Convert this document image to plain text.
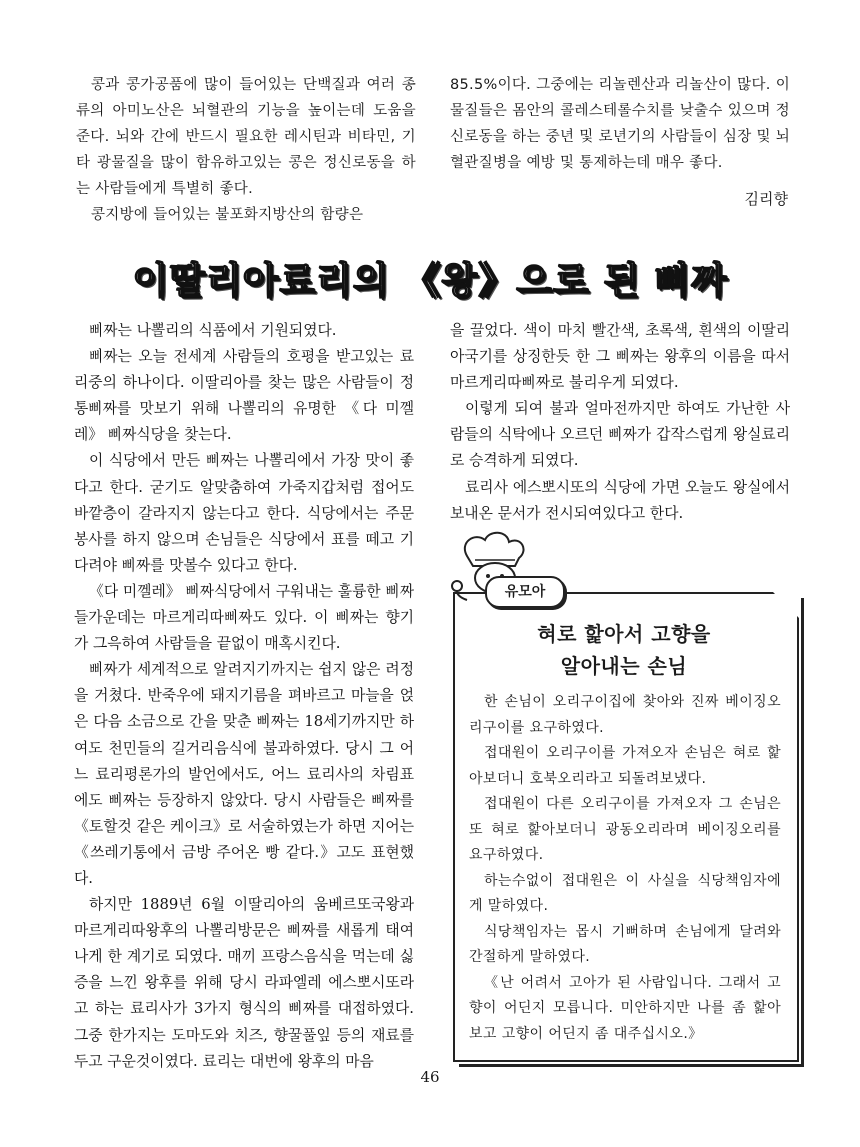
콩과 콩가공품에 많이 들어있는 단백질과 여러 종류의 아미노산은 뇌혈관의 기능을 높이는데 도움을 준다. 뇌와 간에 반드시 필요한 레시틴과 비타민, 기타 광물질을 많이 함유하고있는 콩은 정신로동을 하는 사람들에게 특별히 좋다.

콩지방에 들어있는 불포화지방산의 함량은

85.5%이다. 그중에는 리놀렌산과 리놀산이 많다. 이 물질들은 몸안의 콜레스테롤수치를 낮출수 있으며 정신로동을 하는 중년 및 로년기의 사람들이 심장 및 뇌혈관질병을 예방 및 통제하는데 매우 좋다.

김리향
이딸리아료리의 《왕》으로 된 삐짜

삐짜는 나뽈리의 식품에서 기원되였다.

삐짜는 오늘 전세계 사람들의 호평을 받고있는 료리중의 하나이다. 이딸리아를 찾는 많은 사람들이 정통삐짜를 맛보기 위해 나뽈리의 유명한 《다 미껠레》 삐짜식당을 찾는다.

이 식당에서 만든 삐짜는 나뽈리에서 가장 맛이 좋다고 한다. 굳기도 알맞춤하여 가죽지갑처럼 접어도 바깥층이 갈라지지 않는다고 한다. 식당에서는 주문봉사를 하지 않으며 손님들은 식당에서 표를 떼고 기다려야 삐짜를 맛볼수 있다고 한다.

《다 미껠레》 삐짜식당에서 구워내는 훌륭한 삐짜들가운데는 마르게리따삐짜도 있다. 이 삐짜는 향기가 그윽하여 사람들을 끝없이 매혹시킨다.

삐짜가 세계적으로 알려지기까지는 쉽지 않은 려정을 거쳤다. 반죽우에 돼지기름을 펴바르고 마늘을 얹은 다음 소금으로 간을 맞춘 삐짜는 18세기까지만 하여도 천민들의 길거리음식에 불과하였다. 당시 그 어느 료리평론가의 발언에서도, 어느 료리사의 차림표에도 삐짜는 등장하지 않았다. 당시 사람들은 삐짜를 《토할것 같은 케이크》로 서술하였는가 하면 지어는 《쓰레기통에서 금방 주어온 빵 같다.》고도 표현했다.

하지만 1889년 6월 이딸리아의 움베르또국왕과 마르게리따왕후의 나뽈리방문은 삐짜를 새롭게 태여나게 한 계기로 되였다. 매끼 프랑스음식을 먹는데 싫증을 느낀 왕후를 위해 당시 라파엘레 에스뽀시또라고 하는 료리사가 3가지 형식의 삐짜를 대접하였다. 그중 한가지는 도마도와 치즈, 향꿀풀잎 등의 재료를 두고 구운것이였다. 료리는 대번에 왕후의 마음

을 끌었다. 색이 마치 빨간색, 초록색, 흰색의 이딸리아국기를 상징한듯 한 그 삐짜는 왕후의 이름을 따서 마르게리따삐짜로 불리우게 되였다.

이렇게 되여 불과 얼마전까지만 하여도 가난한 사람들의 식탁에나 오르던 삐짜가 갑작스럽게 왕실료리로 승격하게 되였다.

료리사 에스뽀시또의 식당에 가면 오늘도 왕실에서 보내온 문서가 전시되여있다고 한다.

유모아
혀로 핥아서 고향을
알아내는 손님

한 손님이 오리구이집에 찾아와 진짜 베이징오리구이를 요구하였다.

접대원이 오리구이를 가져오자 손님은 혀로 핥아보더니 호북오리라고 되돌려보냈다.

접대원이 다른 오리구이를 가져오자 그 손님은 또 혀로 핥아보더니 광동오리라며 베이징오리를 요구하였다.

하는수없이 접대원은 이 사실을 식당책임자에게 말하였다.

식당책임자는 몹시 기뻐하며 손님에게 달려와 간절하게 말하였다.

《난 어려서 고아가 된 사람입니다. 그래서 고향이 어딘지 모릅니다. 미안하지만 나를 좀 핥아보고 고향이 어딘지 좀 대주십시오.》

46
